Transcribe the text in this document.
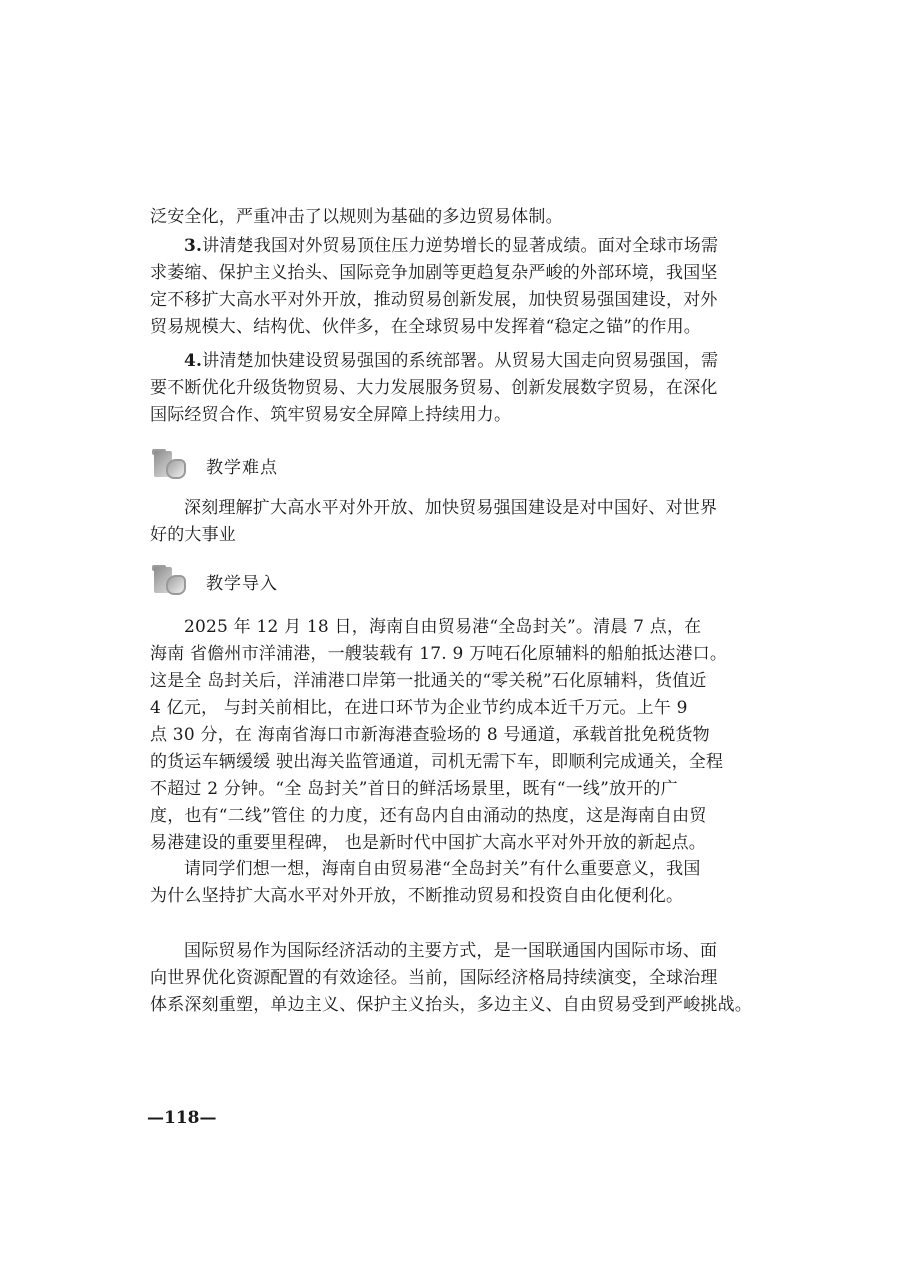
泛安全化，严重冲击了以规则为基础的多边贸易体制。
3.讲清楚我国对外贸易顶住压力逆势增长的显著成绩。面对全球市场需
求萎缩、保护主义抬头、国际竞争加剧等更趋复杂严峻的外部环境，我国坚
定不移扩大高水平对外开放，推动贸易创新发展，加快贸易强国建设，对外
贸易规模大、结构优、伙伴多，在全球贸易中发挥着“稳定之锚”的作用。
4.讲清楚加快建设贸易强国的系统部署。从贸易大国走向贸易强国，需
要不断优化升级货物贸易、大力发展服务贸易、创新发展数字贸易，在深化
国际经贸合作、筑牢贸易安全屏障上持续用力。
教学难点
深刻理解扩大高水平对外开放、加快贸易强国建设是对中国好、对世界
好的大事业
教学导入
2025 年 12 月 18 日，海南自由贸易港“全岛封关”。清晨 7 点，在
海南 省儋州市洋浦港，一艘装载有 17. 9 万吨石化原辅料的船舶抵达港口。
这是全 岛封关后，洋浦港口岸第一批通关的“零关税”石化原辅料，货值近
4 亿元， 与封关前相比，在进口环节为企业节约成本近千万元。上午 9
点 30 分，在 海南省海口市新海港查验场的 8 号通道，承载首批免税货物
的货运车辆缓缓 驶出海关监管通道，司机无需下车，即顺利完成通关，全程
不超过 2 分钟。“全 岛封关”首日的鲜活场景里，既有“一线”放开的广
度，也有“二线”管住 的力度，还有岛内自由涌动的热度，这是海南自由贸
易港建设的重要里程碑， 也是新时代中国扩大高水平对外开放的新起点。
请同学们想一想，海南自由贸易港“全岛封关”有什么重要意义，我国
为什么坚持扩大高水平对外开放，不断推动贸易和投资自由化便利化。
国际贸易作为国际经济活动的主要方式，是一国联通国内国际市场、面
向世界优化资源配置的有效途径。当前，国际经济格局持续演变，全球治理
体系深刻重塑，单边主义、保护主义抬头，多边主义、自由贸易受到严峻挑战。
—118—
